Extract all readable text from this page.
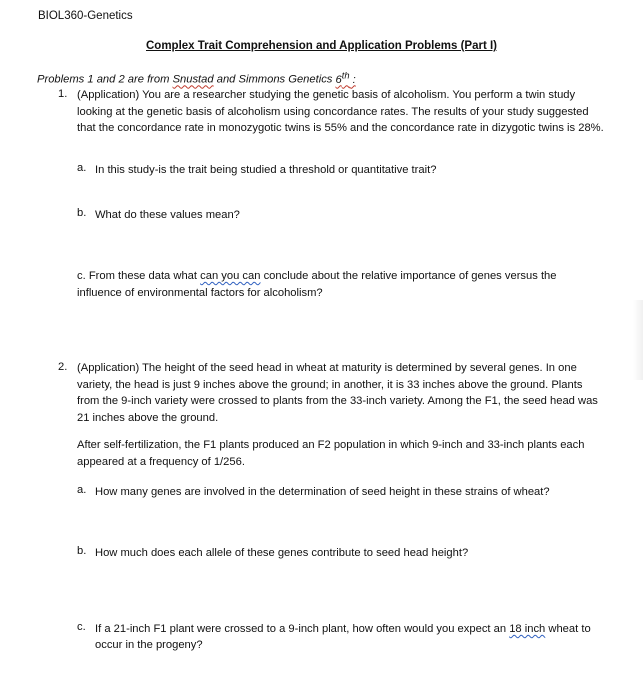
BIOL360-Genetics
Complex Trait Comprehension and Application Problems (Part I)
Problems 1 and 2 are from Snustad and Simmons Genetics 6th :
1. (Application) You are a researcher studying the genetic basis of alcoholism. You perform a twin study looking at the genetic basis of alcoholism using concordance rates. The results of your study suggested that the concordance rate in monozygotic twins is 55% and the concordance rate in dizygotic twins is 28%.
a. In this study-is the trait being studied a threshold or quantitative trait?
b. What do these values mean?
c. From these data what can you can conclude about the relative importance of genes versus the influence of environmental factors for alcoholism?
2. (Application) The height of the seed head in wheat at maturity is determined by several genes. In one variety, the head is just 9 inches above the ground; in another, it is 33 inches above the ground. Plants from the 9-inch variety were crossed to plants from the 33-inch variety. Among the F1, the seed head was 21 inches above the ground.
After self-fertilization, the F1 plants produced an F2 population in which 9-inch and 33-inch plants each appeared at a frequency of 1/256.
a. How many genes are involved in the determination of seed height in these strains of wheat?
b. How much does each allele of these genes contribute to seed head height?
c. If a 21-inch F1 plant were crossed to a 9-inch plant, how often would you expect an 18 inch wheat to occur in the progeny?
